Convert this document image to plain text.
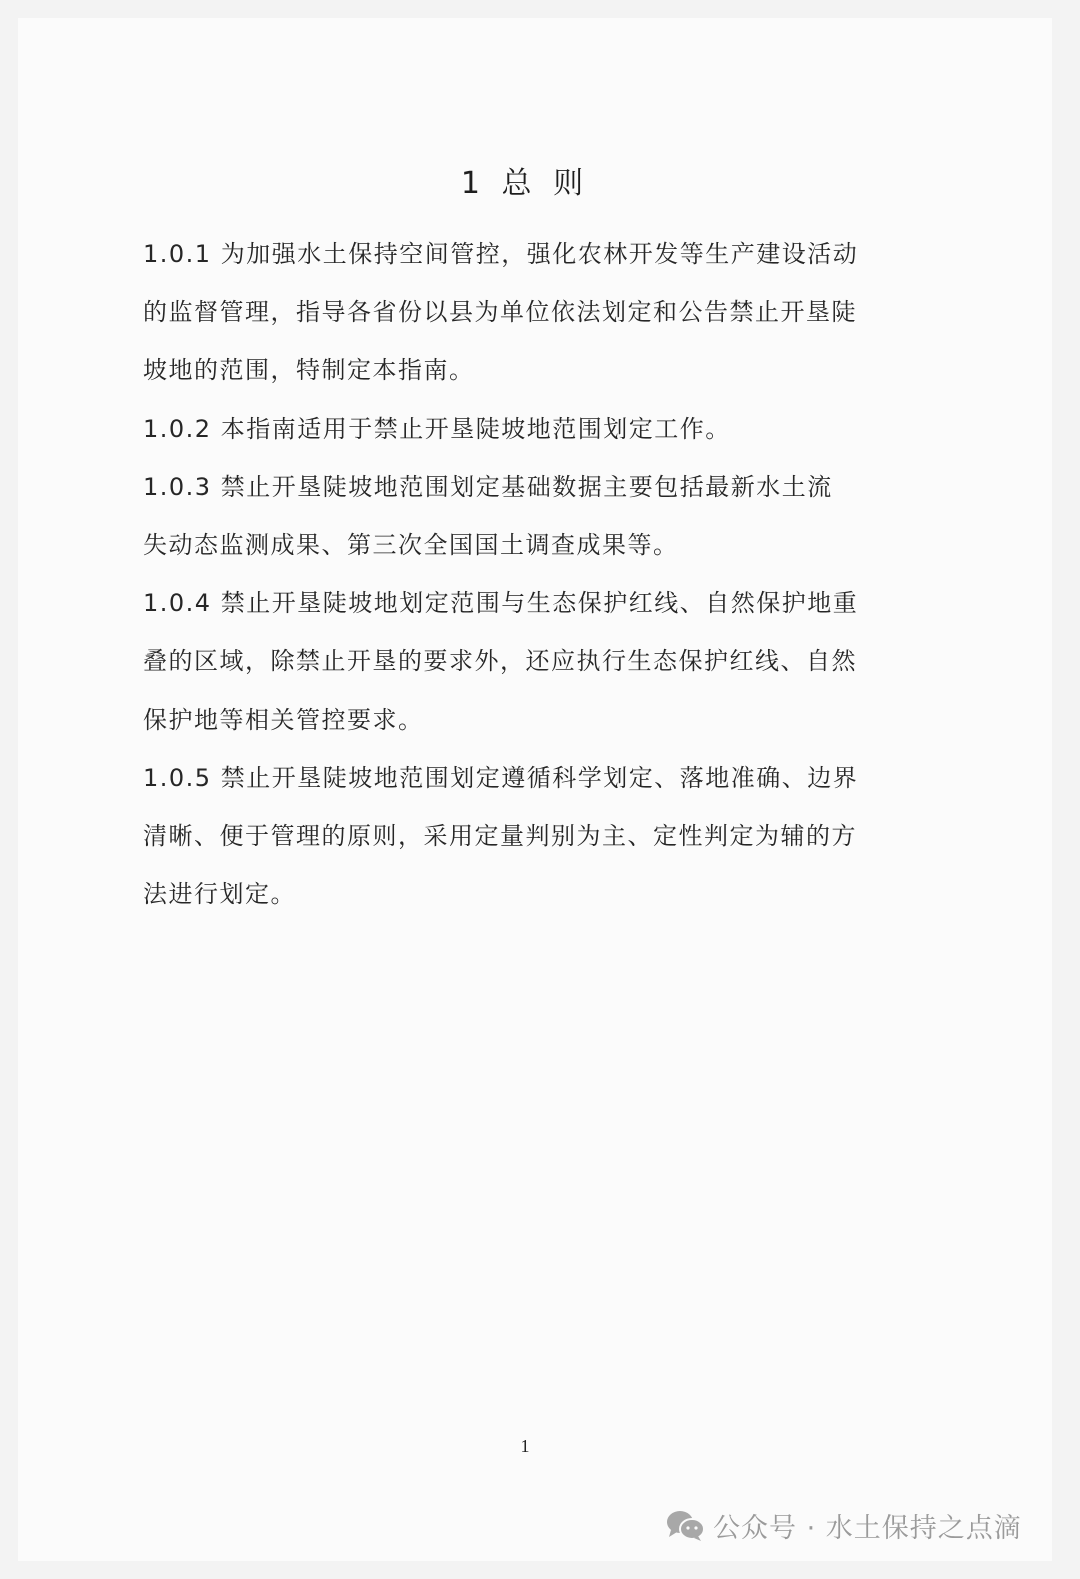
1 总 则
1.0.1 为加强水土保持空间管控，强化农林开发等生产建设活动
的监督管理，指导各省份以县为单位依法划定和公告禁止开垦陡
坡地的范围，特制定本指南。
1.0.2 本指南适用于禁止开垦陡坡地范围划定工作。
1.0.3 禁止开垦陡坡地范围划定基础数据主要包括最新水土流
失动态监测成果、第三次全国国土调查成果等。
1.0.4 禁止开垦陡坡地划定范围与生态保护红线、自然保护地重
叠的区域，除禁止开垦的要求外，还应执行生态保护红线、自然
保护地等相关管控要求。
1.0.5 禁止开垦陡坡地范围划定遵循科学划定、落地准确、边界
清晰、便于管理的原则，采用定量判别为主、定性判定为辅的方
法进行划定。
1
公众号 · 水土保持之点滴
